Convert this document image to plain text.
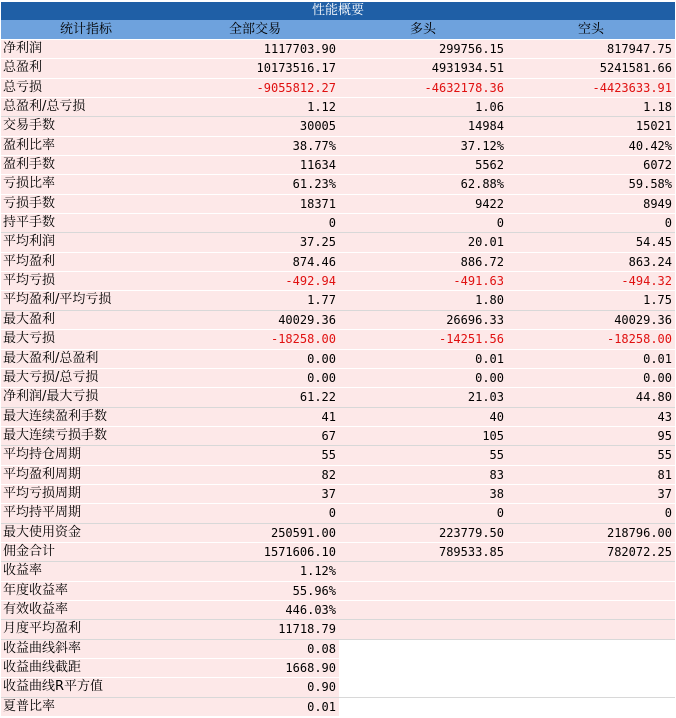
性能概要
统计指标	全部交易	多头	空头
净利润	1117703.90	299756.15	817947.75
总盈利	10173516.17	4931934.51	5241581.66
总亏损	-9055812.27	-4632178.36	-4423633.91
总盈利/总亏损	1.12	1.06	1.18
交易手数	30005	14984	15021
盈利比率	38.77%	37.12%	40.42%
盈利手数	11634	5562	6072
亏损比率	61.23%	62.88%	59.58%
亏损手数	18371	9422	8949
持平手数	0	0	0
平均利润	37.25	20.01	54.45
平均盈利	874.46	886.72	863.24
平均亏损	-492.94	-491.63	-494.32
平均盈利/平均亏损	1.77	1.80	1.75
最大盈利	40029.36	26696.33	40029.36
最大亏损	-18258.00	-14251.56	-18258.00
最大盈利/总盈利	0.00	0.01	0.01
最大亏损/总亏损	0.00	0.00	0.00
净利润/最大亏损	61.22	21.03	44.80
最大连续盈利手数	41	40	43
最大连续亏损手数	67	105	95
平均持仓周期	55	55	55
平均盈利周期	82	83	81
平均亏损周期	37	38	37
平均持平周期	0	0	0
最大使用资金	250591.00	223779.50	218796.00
佣金合计	1571606.10	789533.85	782072.25
收益率	1.12%
年度收益率	55.96%
有效收益率	446.03%
月度平均盈利	11718.79
收益曲线斜率	0.08
收益曲线截距	1668.90
收益曲线R平方值	0.90
夏普比率	0.01
